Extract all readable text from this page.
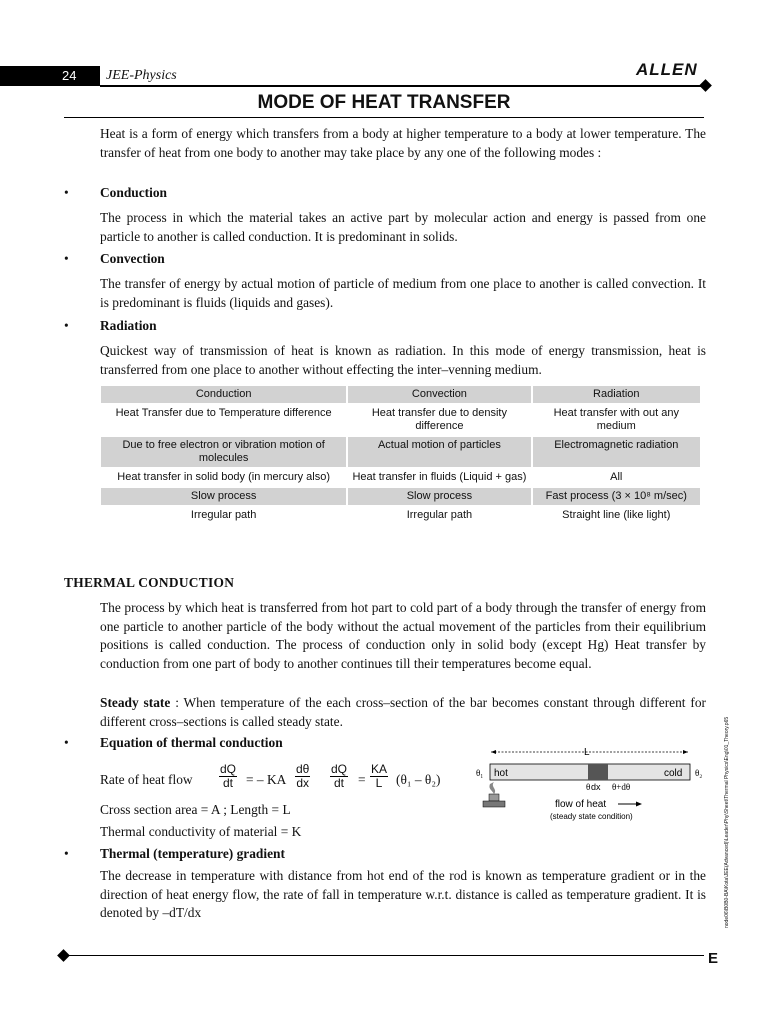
24	JEE-Physics	ALLEN
MODE OF HEAT TRANSFER
Heat is a form of energy which transfers from a body at higher temperature to a body at lower temperature. The transfer of heat from one body to another may take place by any one of the following modes :
• Conduction
The process in which the material takes an active part by molecular action and energy is passed from one particle to another is called conduction. It is predominant in solids.
• Convection
The transfer of energy by actual motion of particle of medium from one place to another is called convection. It is predominant is fluids (liquids and gases).
• Radiation
Quickest way of transmission of heat is known as radiation. In this mode of energy transmission, heat is transferred from one place to another without effecting the inter–venning medium.
Conduction	Convection	Radiation
Heat Transfer due to Temperature difference	Heat transfer due to density difference	Heat transfer with out any medium
Due to free electron or vibration motion of molecules	Actual motion of particles	Electromagnetic radiation
Heat transfer in solid body (in mercury also)	Heat transfer in fluids (Liquid + gas)	All
Slow process	Slow process	Fast process (3 × 10⁸ m/sec)
Irregular path	Irregular path	Straight line (like light)
THERMAL CONDUCTION
The process by which heat is transferred from hot part to cold part of a body through the transfer of energy from one particle to another particle of the body without the actual movement of the particles from their equilibrium positions is called conduction. The process of conduction only in solid body (except Hg) Heat transfer by conduction from one part of body to another continues till their temperatures become equal.
Steady state : When temperature of the each cross–section of the bar becomes constant through different for different cross–sections is called steady state.
• Equation of thermal conduction
Rate of heat flow $\frac{dQ}{dt}$ = – KA $\frac{d\theta}{dx} \frac{dQ}{dt} = \frac{KA}{L} (\theta_1 - \theta_2)$
Cross section area = A ; Length = L
Thermal conductivity of material = K
L
θ₁ hot	cold θ₂
θ dx θ+dθ
flow of heat
(steady state condition)
• Thermal (temperature) gradient
The decrease in temperature with distance from hot end of the rod is known as temperature gradient or in the direction of heat energy flow, the rate of fall in temperature w.r.t. distance is called as temperature gradient. It is denoted by –dT/dx	node06\B0B0-BA\Kota\JEE(Advanced)\Leader\Phy\Sheet\Thermal Physics\Eng\01_Theory.p65
E
